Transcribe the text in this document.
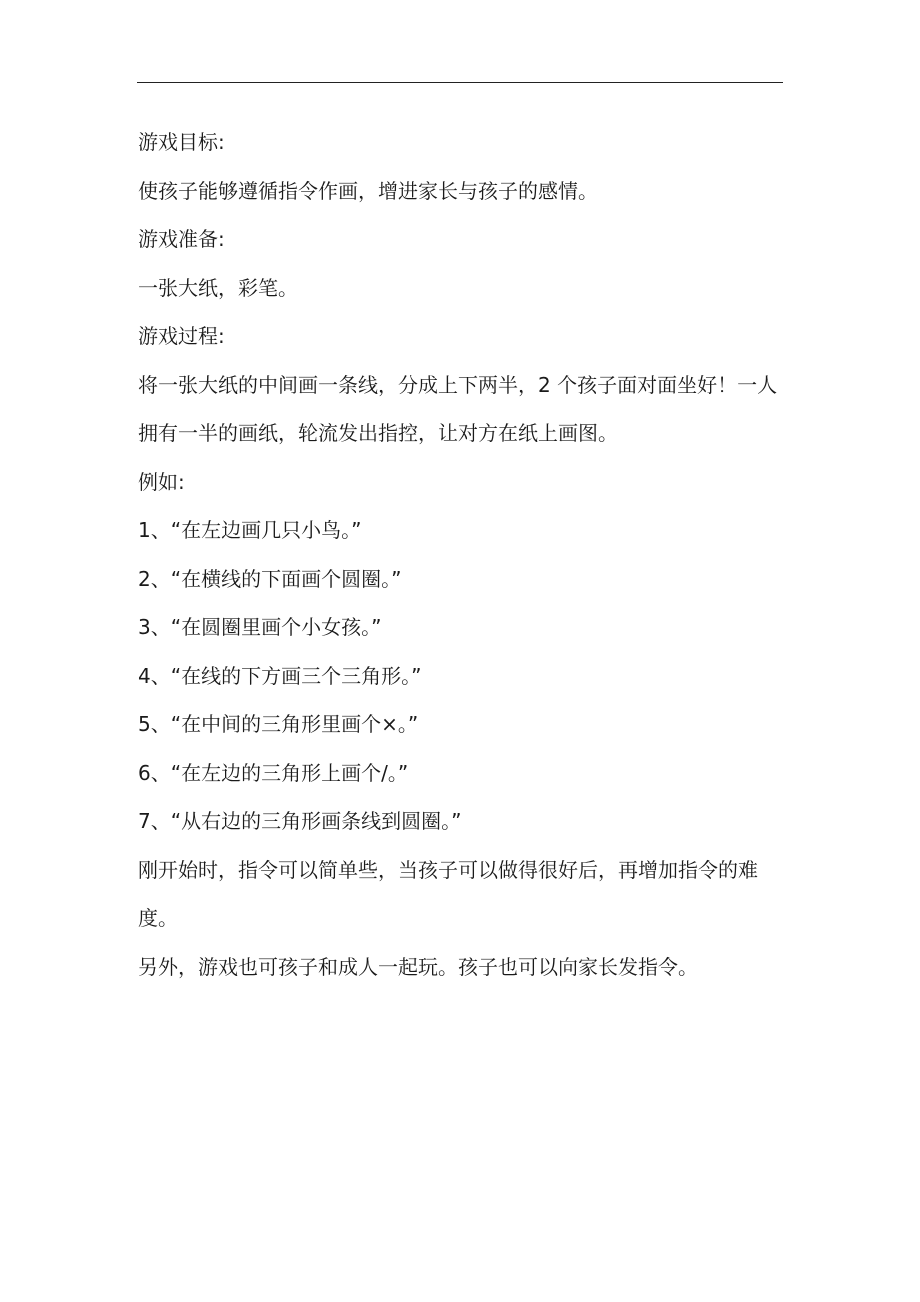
游戏目标:

使孩子能够遵循指令作画，增进家长与孩子的感情。

游戏准备:

一张大纸，彩笔。

游戏过程:

将一张大纸的中间画一条线，分成上下两半，2 个孩子面对面坐好！一人拥有一半的画纸，轮流发出指控，让对方在纸上画图。

例如:

1、“在左边画几只小鸟。”

2、“在横线的下面画个圆圈。”

3、“在圆圈里画个小女孩。”

4、“在线的下方画三个三角形。”

5、“在中间的三角形里画个×。”

6、“在左边的三角形上画个/。”

7、“从右边的三角形画条线到圆圈。”

刚开始时，指令可以简单些，当孩子可以做得很好后，再增加指令的难度。

另外，游戏也可孩子和成人一起玩。孩子也可以向家长发指令。
